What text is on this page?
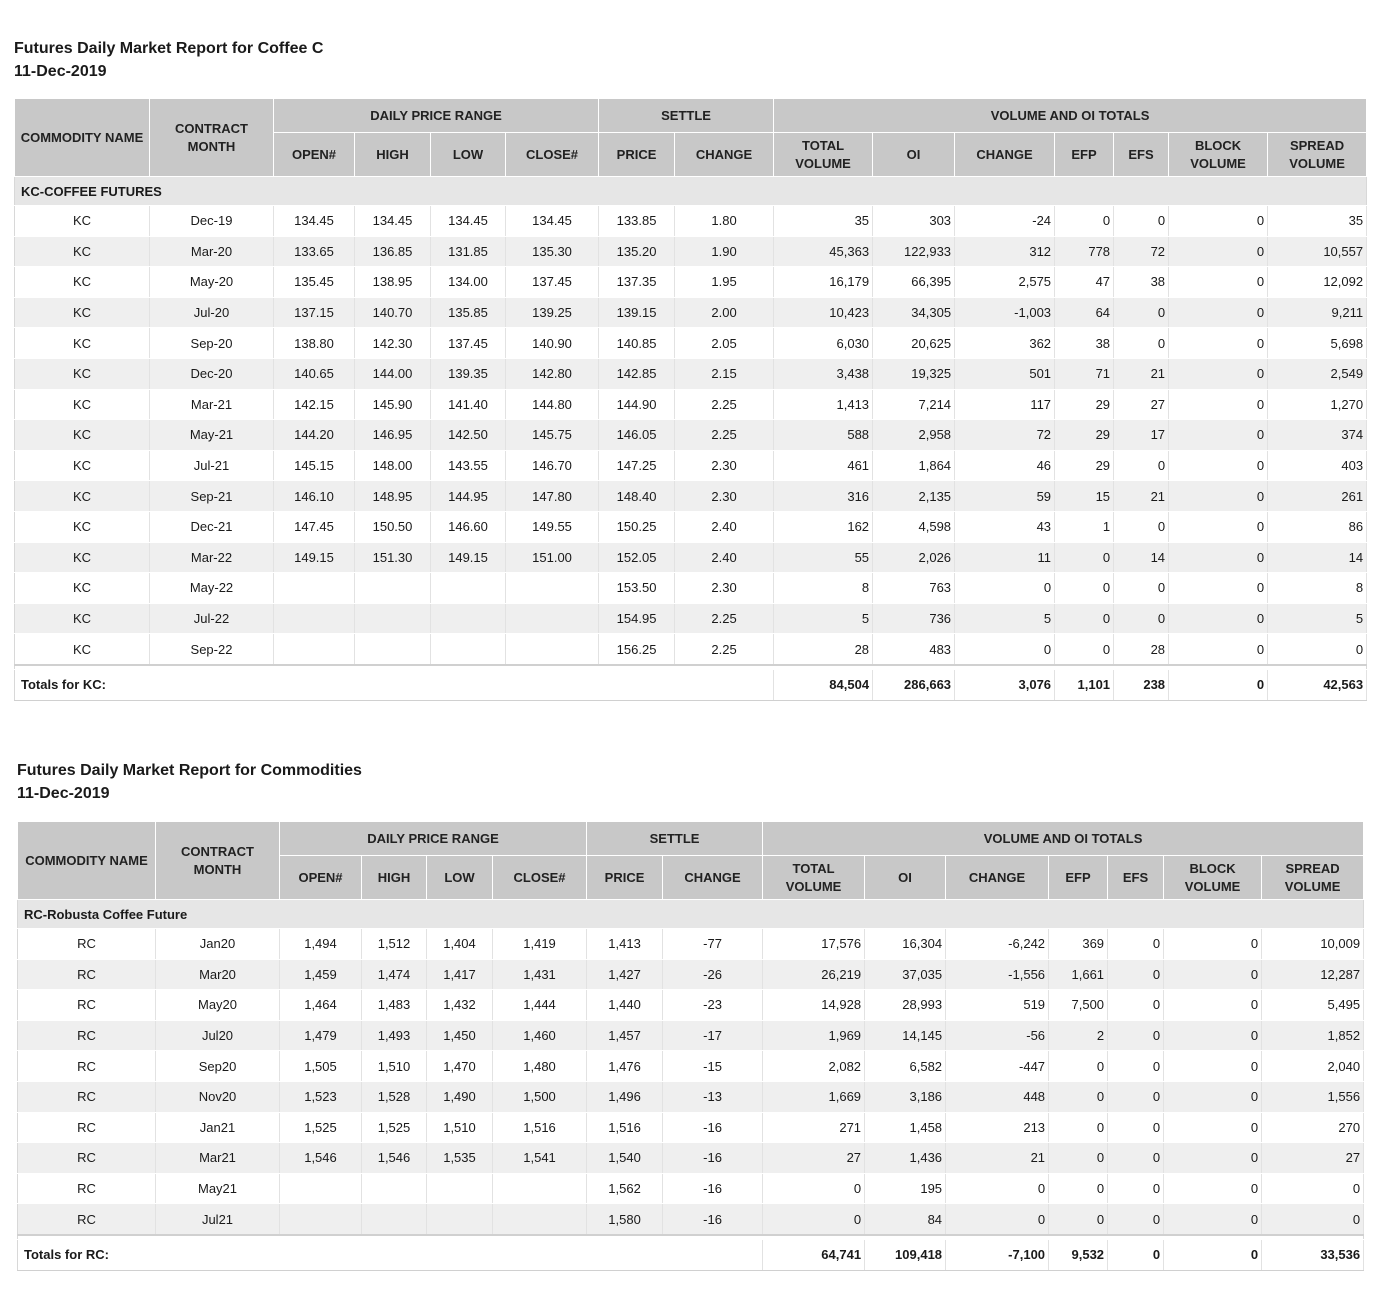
Futures Daily Market Report for Coffee C
11-Dec-2019
COMMODITY NAME	CONTRACT MONTH	DAILY PRICE RANGE				SETTLE		VOLUME AND OI TOTALS						
		OPEN#	HIGH	LOW	CLOSE#	PRICE	CHANGE	TOTAL VOLUME	OI	CHANGE	EFP	EFS	BLOCK VOLUME	SPREAD VOLUME
KC-COFFEE FUTURES														
KC	Dec-19	134.45	134.45	134.45	134.45	133.85	1.80	35	303	-24	0	0	0	35
KC	Mar-20	133.65	136.85	131.85	135.30	135.20	1.90	45,363	122,933	312	778	72	0	10,557
KC	May-20	135.45	138.95	134.00	137.45	137.35	1.95	16,179	66,395	2,575	47	38	0	12,092
KC	Jul-20	137.15	140.70	135.85	139.25	139.15	2.00	10,423	34,305	-1,003	64	0	0	9,211
KC	Sep-20	138.80	142.30	137.45	140.90	140.85	2.05	6,030	20,625	362	38	0	0	5,698
KC	Dec-20	140.65	144.00	139.35	142.80	142.85	2.15	3,438	19,325	501	71	21	0	2,549
KC	Mar-21	142.15	145.90	141.40	144.80	144.90	2.25	1,413	7,214	117	29	27	0	1,270
KC	May-21	144.20	146.95	142.50	145.75	146.05	2.25	588	2,958	72	29	17	0	374
KC	Jul-21	145.15	148.00	143.55	146.70	147.25	2.30	461	1,864	46	29	0	0	403
KC	Sep-21	146.10	148.95	144.95	147.80	148.40	2.30	316	2,135	59	15	21	0	261
KC	Dec-21	147.45	150.50	146.60	149.55	150.25	2.40	162	4,598	43	1	0	0	86
KC	Mar-22	149.15	151.30	149.15	151.00	152.05	2.40	55	2,026	11	0	14	0	14
KC	May-22					153.50	2.30	8	763	0	0	0	0	8
KC	Jul-22					154.95	2.25	5	736	5	0	0	0	5
KC	Sep-22					156.25	2.25	28	483	0	0	28	0	0

Totals for KC:								84,504	286,663	3,076	1,101	238	0	42,563
Futures Daily Market Report for Commodities
11-Dec-2019
COMMODITY NAME	CONTRACT MONTH	DAILY PRICE RANGE				SETTLE		VOLUME AND OI TOTALS						
		OPEN#	HIGH	LOW	CLOSE#	PRICE	CHANGE	TOTAL VOLUME	OI	CHANGE	EFP	EFS	BLOCK VOLUME	SPREAD VOLUME
RC-Robusta Coffee Future														
RC	Jan20	1,494	1,512	1,404	1,419	1,413	-77	17,576	16,304	-6,242	369	0	0	10,009
RC	Mar20	1,459	1,474	1,417	1,431	1,427	-26	26,219	37,035	-1,556	1,661	0	0	12,287
RC	May20	1,464	1,483	1,432	1,444	1,440	-23	14,928	28,993	519	7,500	0	0	5,495
RC	Jul20	1,479	1,493	1,450	1,460	1,457	-17	1,969	14,145	-56	2	0	0	1,852
RC	Sep20	1,505	1,510	1,470	1,480	1,476	-15	2,082	6,582	-447	0	0	0	2,040
RC	Nov20	1,523	1,528	1,490	1,500	1,496	-13	1,669	3,186	448	0	0	0	1,556
RC	Jan21	1,525	1,525	1,510	1,516	1,516	-16	271	1,458	213	0	0	0	270
RC	Mar21	1,546	1,546	1,535	1,541	1,540	-16	27	1,436	21	0	0	0	27
RC	May21					1,562	-16	0	195	0	0	0	0	0
RC	Jul21					1,580	-16	0	84	0	0	0	0	0

Totals for RC:								64,741	109,418	-7,100	9,532	0	0	33,536
